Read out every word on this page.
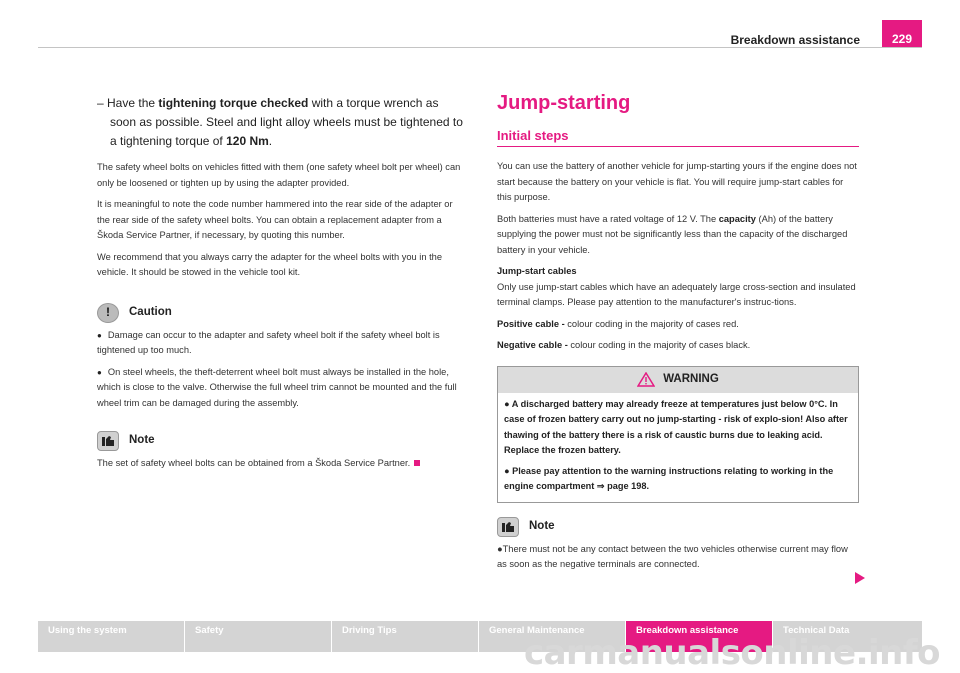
Breakdown assistance	229
– Have the tightening torque checked with a torque wrench as soon as possible. Steel and light alloy wheels must be tightened to a tightening torque of 120 Nm.

The safety wheel bolts on vehicles fitted with them (one safety wheel bolt per wheel) can only be loosened or tighten up by using the adapter provided.

It is meaningful to note the code number hammered into the rear side of the adapter or the rear side of the safety wheel bolts. You can obtain a replacement adapter from a Škoda Service Partner, if necessary, by quoting this number.

We recommend that you always carry the adapter for the wheel bolts with you in the vehicle. It should be stowed in the vehicle tool kit.

!	Caution

● Damage can occur to the adapter and safety wheel bolt if the safety wheel bolt is tightened up too much.

● On steel wheels, the theft-deterrent wheel bolt must always be installed in the hole, which is close to the valve. Otherwise the full wheel trim cannot be mounted and the full wheel trim can be damaged during the assembly.

Note

The set of safety wheel bolts can be obtained from a Škoda Service Partner.

Jump-starting
Initial steps

You can use the battery of another vehicle for jump-starting yours if the engine does not start because the battery on your vehicle is flat. You will require jump-start cables for this purpose.

Both batteries must have a rated voltage of 12 V. The capacity (Ah) of the battery supplying the power must not be significantly less than the capacity of the discharged battery in your vehicle.

Jump-start cables

Only use jump-start cables which have an adequately large cross-section and insulated terminal clamps. Please pay attention to the manufacturer's instruc-tions.

Positive cable - colour coding in the majority of cases red.

Negative cable - colour coding in the majority of cases black.

WARNING

● A discharged battery may already freeze at temperatures just below 0°C. In case of frozen battery carry out no jump-starting - risk of explo-sion! Also after thawing of the battery there is a risk of caustic burns due to leaking acid. Replace the frozen battery.

● Please pay attention to the warning instructions relating to working in the engine compartment ⇒ page 198.

Note

●There must not be any contact between the two vehicles otherwise current may flow as soon as the negative terminals are connected.

Using the system	Safety	Driving Tips	General Maintenance	Breakdown assistance	Technical Data
carmanualsonline.info
